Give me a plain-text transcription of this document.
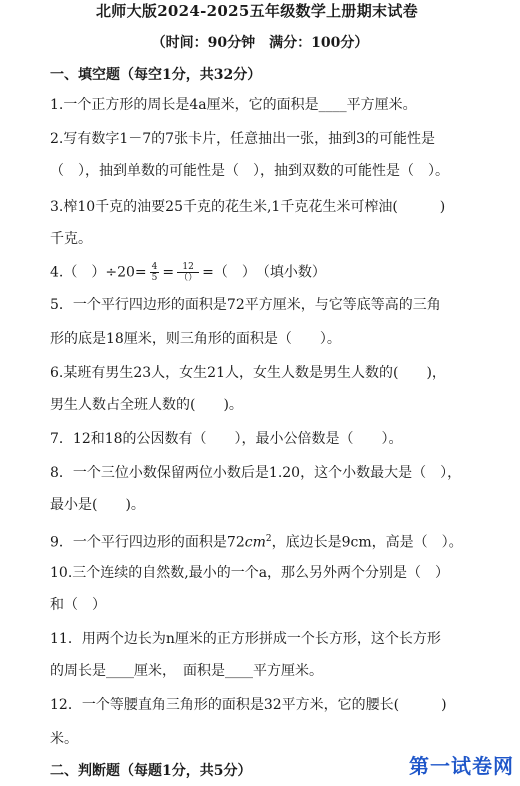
北师大版2024-2025五年级数学上册期末试卷
（时间：90分钟　满分：100分）
一、填空题（每空1分，共32分）
1.一个正方形的周长是4a厘米，它的面积是____平方厘米。
2.写有数字1－7的7张卡片，任意抽出一张，抽到3的可能性是
（　），抽到单数的可能性是（　），抽到双数的可能性是（　）。
3.榨10千克的油要25千克的花生米,1千克花生米可榨油(　　　)
千克。
4.（　）$\div 20= \frac{4}{5} = \frac{12}{()}$ =（　）　（填小数）
5．一个平行四边形的面积是72平方厘米，与它等底等高的三角
形的底是18厘米，则三角形的面积是（　　）。
6.某班有男生23人，女生21人，女生人数是男生人数的(　　)，
男生人数占全班人数的(　　)。
7．12和18的公因数有（　　），最小公倍数是（　　）。
8．一个三位小数保留两位小数后是1.20，这个小数最大是（　），
最小是(　　)。
9．一个平行四边形的面积是$72cm^2$，底边长是9cm，高是（　）。
10.三个连续的自然数,最小的一个a，那么另外两个分别是（　）
和（　）
11．用两个边长为n厘米的正方形拼成一个长方形，这个长方形
的周长是____厘米，　面积是____平方厘米。
12．一个等腰直角三角形的面积是32平方米，它的腰长(　　　)
米。
二、判断题（每题1分，共5分）	第一试卷网
